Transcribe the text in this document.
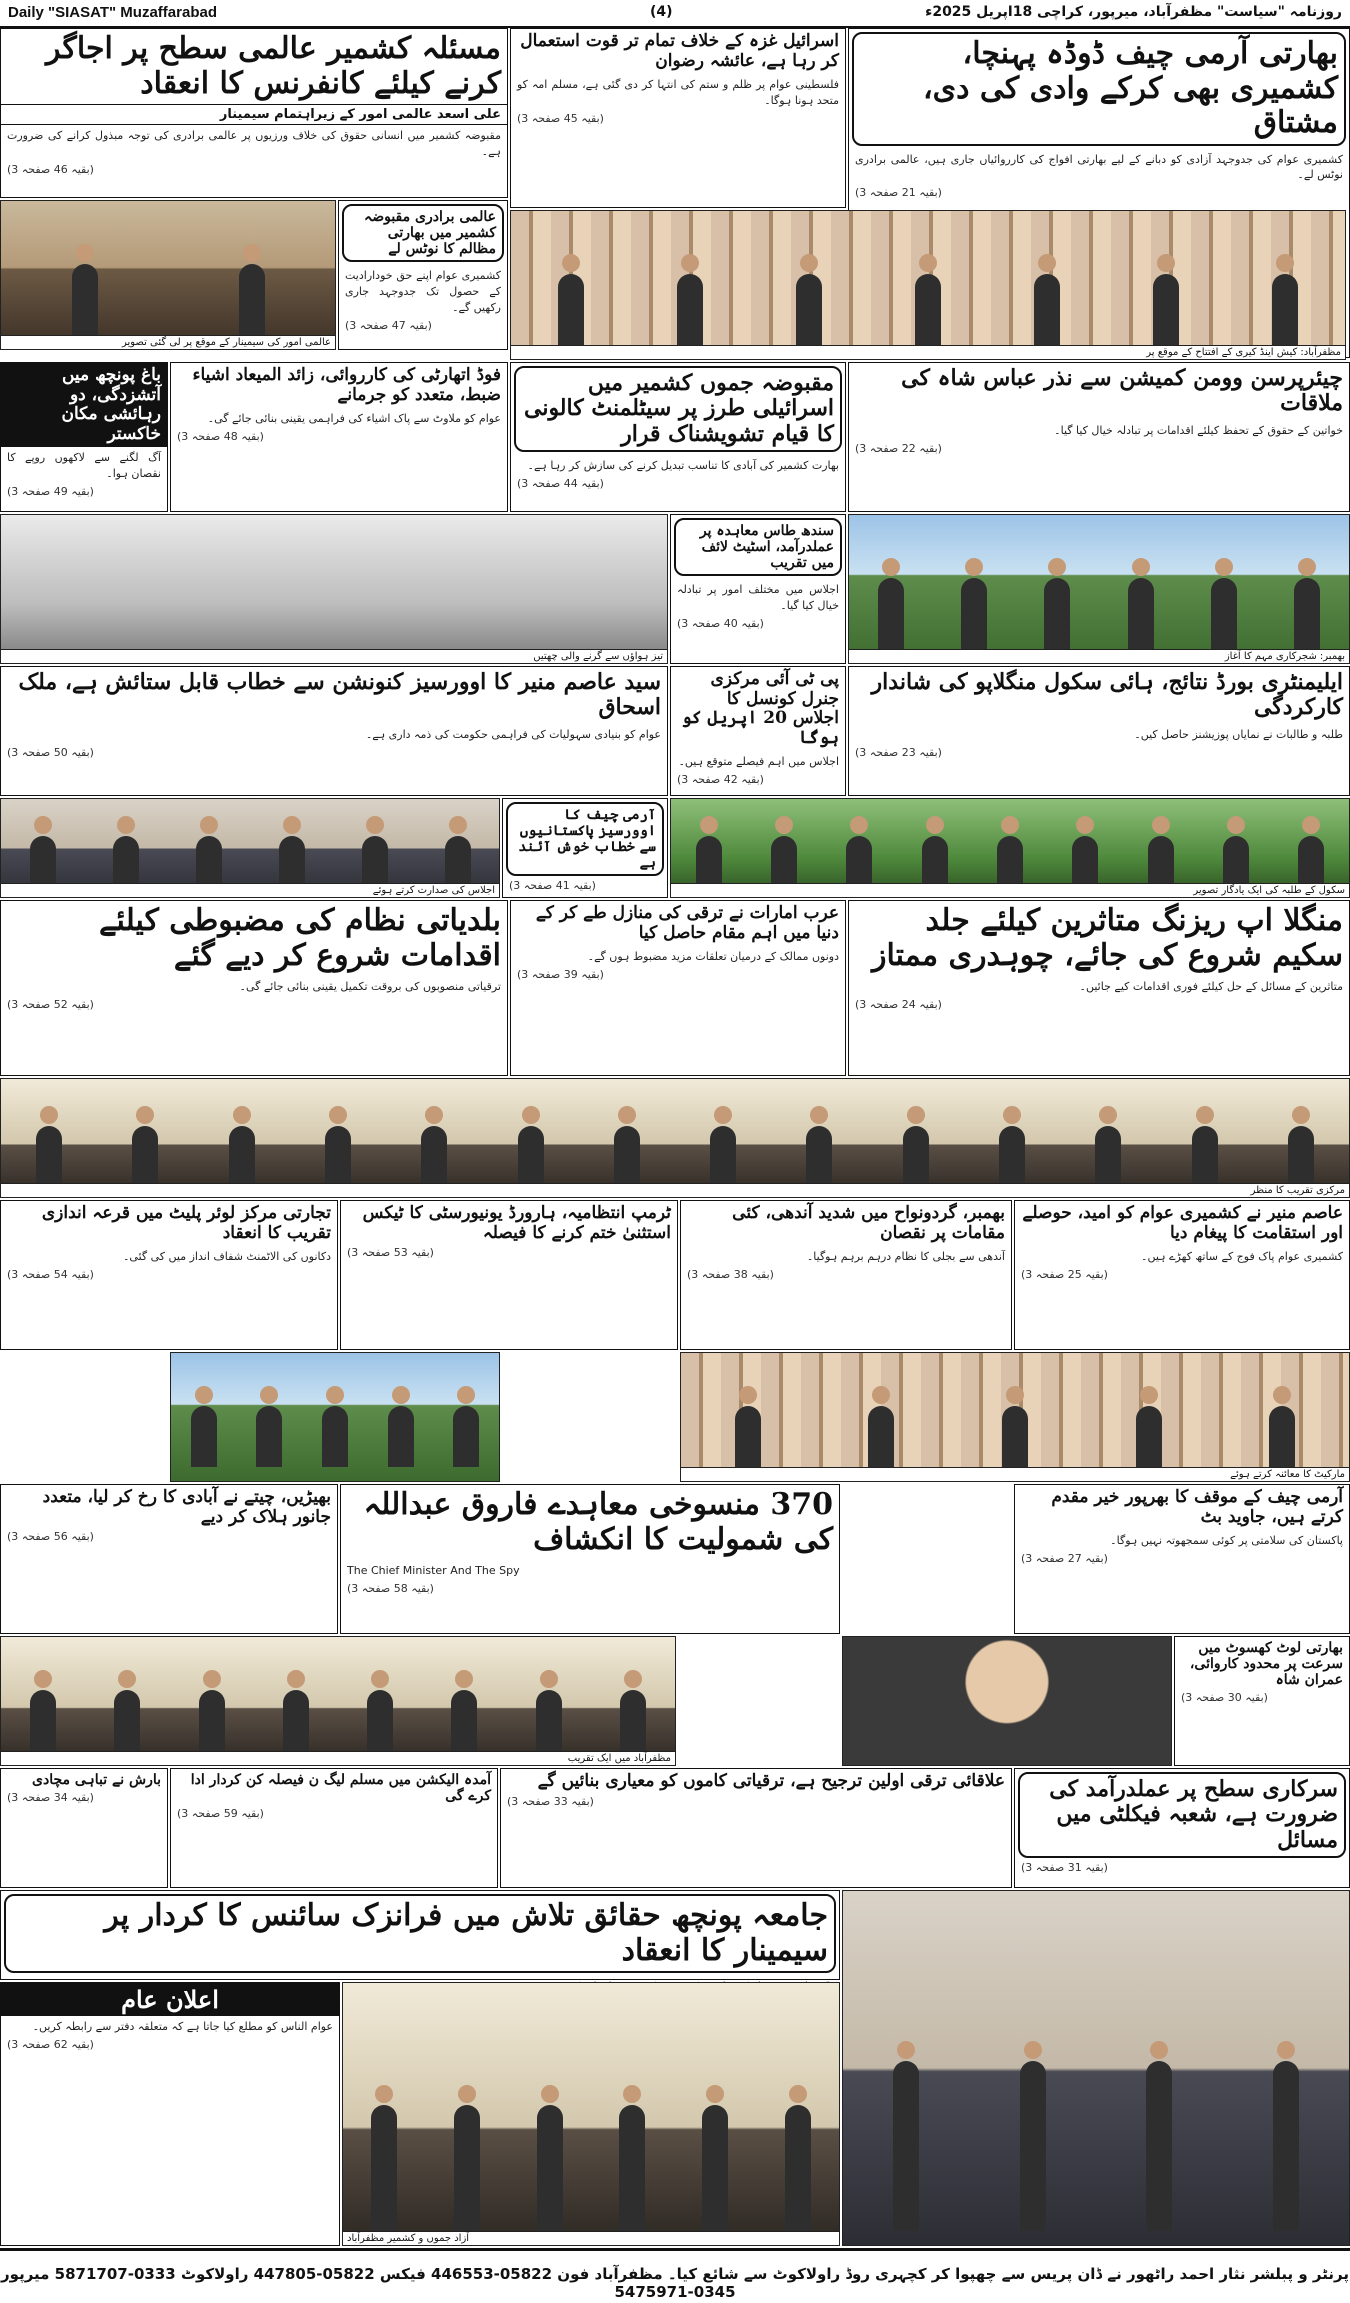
Daily "SIASAT" Muzaffarabad	(4)	روزنامہ "سیاست" مظفرآباد، میرپور، کراچی 18اپریل 2025ء
بھارتی آرمی چیف ڈوڈہ پہنچا، کشمیری بھی کرکے وادی کی دی، مشتاق
کشمیری عوام کی جدوجہد آزادی کو دبانے کے لیے بھارتی افواج کی کارروائیاں جاری ہیں، عالمی برادری نوٹس لے۔
(بقیہ 21 صفحہ 3)
اسرائیل غزہ کے خلاف تمام تر قوت استعمال کر رہا ہے، عائشہ رضوان
فلسطینی عوام پر ظلم و ستم کی انتہا کر دی گئی ہے، مسلم امہ کو متحد ہونا ہوگا۔
(بقیہ 45 صفحہ 3)
مسئلہ کشمیر عالمی سطح پر اجاگر کرنے کیلئے کانفرنس کا انعقاد
علی اسعد عالمی امور کے زیراہتمام سیمینار
مقبوضہ کشمیر میں انسانی حقوق کی خلاف ورزیوں پر عالمی برادری کی توجہ مبذول کرانے کی ضرورت ہے۔
(بقیہ 46 صفحہ 3)
عالمی امور کی سیمینار کے موقع پر لی گئی تصویر
عالمی برادری مقبوضہ کشمیر میں بھارتی مظالم کا نوٹس لے
کشمیری عوام اپنے حق خودارادیت کے حصول تک جدوجہد جاری رکھیں گے۔
(بقیہ 47 صفحہ 3)
مظفرآباد: کیش اینڈ کیری کے افتتاح کے موقع پر
چیئرپرسن وومن کمیشن سے نذر عباس شاہ کی ملاقات
خواتین کے حقوق کے تحفظ کیلئے اقدامات پر تبادلہ خیال کیا گیا۔
(بقیہ 22 صفحہ 3)
مقبوضہ جموں کشمیر میں اسرائیلی طرز پر سیٹلمنٹ کالونی کا قیام تشویشناک قرار
بھارت کشمیر کی آبادی کا تناسب تبدیل کرنے کی سازش کر رہا ہے۔
(بقیہ 44 صفحہ 3)
فوڈ اتھارٹی کی کارروائی، زائد المیعاد اشیاء ضبط، متعدد کو جرمانے
عوام کو ملاوٹ سے پاک اشیاء کی فراہمی یقینی بنائی جائے گی۔
(بقیہ 48 صفحہ 3)
باغ پونچھ میں آتشزدگی، دو رہائشی مکان خاکستر
آگ لگنے سے لاکھوں روپے کا نقصان ہوا۔
(بقیہ 49 صفحہ 3)
تیز ہواؤں سے گرنے والی چھتیں
سندھ طاس معاہدہ پر عملدرآمد، اسٹیٹ لائف میں تقریب
اجلاس میں مختلف امور پر تبادلہ خیال کیا گیا۔
(بقیہ 40 صفحہ 3)
بھمبر: شجرکاری مہم کا آغاز
ایلیمنٹری بورڈ نتائج، ہائی سکول منگلاپو کی شاندار کارکردگی
طلبہ و طالبات نے نمایاں پوزیشنز حاصل کیں۔
(بقیہ 23 صفحہ 3)
پی ٹی آئی مرکزی جنرل کونسل کا اجلاس 20 اپریل کو ہوگا
اجلاس میں اہم فیصلے متوقع ہیں۔
(بقیہ 42 صفحہ 3)
سید عاصم منیر کا اوورسیز کنونشن سے خطاب قابل ستائش ہے، ملک اسحاق
عوام کو بنیادی سہولیات کی فراہمی حکومت کی ذمہ داری ہے۔
(بقیہ 50 صفحہ 3)
اجلاس کی صدارت کرتے ہوئے
آرمی چیف کا اوورسیز پاکستانیوں سے خطاب خوش آئند ہے
(بقیہ 41 صفحہ 3)	سکول کے طلبہ کی ایک یادگار تصویر
منگلا اپ ریزنگ متاثرین کیلئے جلد سکیم شروع کی جائے، چوہدری ممتاز
متاثرین کے مسائل کے حل کیلئے فوری اقدامات کیے جائیں۔
(بقیہ 24 صفحہ 3)
عرب امارات نے ترقی کی منازل طے کر کے دنیا میں اہم مقام حاصل کیا
دونوں ممالک کے درمیان تعلقات مزید مضبوط ہوں گے۔
(بقیہ 39 صفحہ 3)
بلدیاتی نظام کی مضبوطی کیلئے اقدامات شروع کر دیے گئے
ترقیاتی منصوبوں کی بروقت تکمیل یقینی بنائی جائے گی۔
(بقیہ 52 صفحہ 3)
مرکزی تقریب کا منظر
عاصم منیر نے کشمیری عوام کو امید، حوصلے اور استقامت کا پیغام دیا
کشمیری عوام پاک فوج کے ساتھ کھڑے ہیں۔
(بقیہ 25 صفحہ 3)
بھمبر، گردونواح میں شدید آندھی، کئی مقامات پر نقصان
آندھی سے بجلی کا نظام درہم برہم ہوگیا۔
(بقیہ 38 صفحہ 3)
ٹرمپ انتظامیہ، ہارورڈ یونیورسٹی کا ٹیکس استثنیٰ ختم کرنے کا فیصلہ
(بقیہ 53 صفحہ 3)
تجارتی مرکز لوئر پلیٹ میں قرعہ اندازی تقریب کا انعقاد
دکانوں کی الاٹمنٹ شفاف انداز میں کی گئی۔
(بقیہ 54 صفحہ 3)
مارکیٹ کا معائنہ کرتے ہوئے
آرمی چیف کے موقف کا بھرپور خیر مقدم کرتے ہیں، جاوید بٹ
پاکستان کی سلامتی پر کوئی سمجھوتہ نہیں ہوگا۔
(بقیہ 27 صفحہ 3)
370 منسوخی معاہدے فاروق عبداللہ کی شمولیت کا انکشاف
The Chief Minister And The Spy
(بقیہ 58 صفحہ 3)
بھیڑیں، چیتے نے آبادی کا رخ کر لیا، متعدد جانور ہلاک کر دیے
(بقیہ 56 صفحہ 3)
مظفرآباد میں ایک تقریب
بھارتی لوٹ کھسوٹ میں سرعت پر محدود کاروائی، عمران شاہ
(بقیہ 30 صفحہ 3)
سرکاری سطح پر عملدرآمد کی ضرورت ہے، شعبہ فیکلٹی میں مسائل
(بقیہ 31 صفحہ 3)
علاقائی ترقی اولین ترجیح ہے، ترقیاتی کاموں کو معیاری بنائیں گے
(بقیہ 33 صفحہ 3)
آمدہ الیکشن میں مسلم لیگ ن فیصلہ کن کردار ادا کرے گی
(بقیہ 59 صفحہ 3)
بارش نے تباہی مچادی
(بقیہ 34 صفحہ 3)
جامعہ پونچھ حقائق تلاش میں فرانزک سائنس کا کردار پر سیمینار کا انعقاد
اعلان عام
عوام الناس کو مطلع کیا جاتا ہے کہ متعلقہ دفتر سے رابطہ کریں۔
(بقیہ 62 صفحہ 3)
آزاد جموں و کشمیر مظفرآباد
پرنٹر و پبلشر نثار احمد راٹھور نے ڈان پریس سے چھپوا کر کچہری روڈ راولاکوٹ سے شائع کیا۔ مظفرآباد فون 05822-446553 فیکس 05822-447805 راولاکوٹ 0333-5871707 میرپور 0345-5475971
